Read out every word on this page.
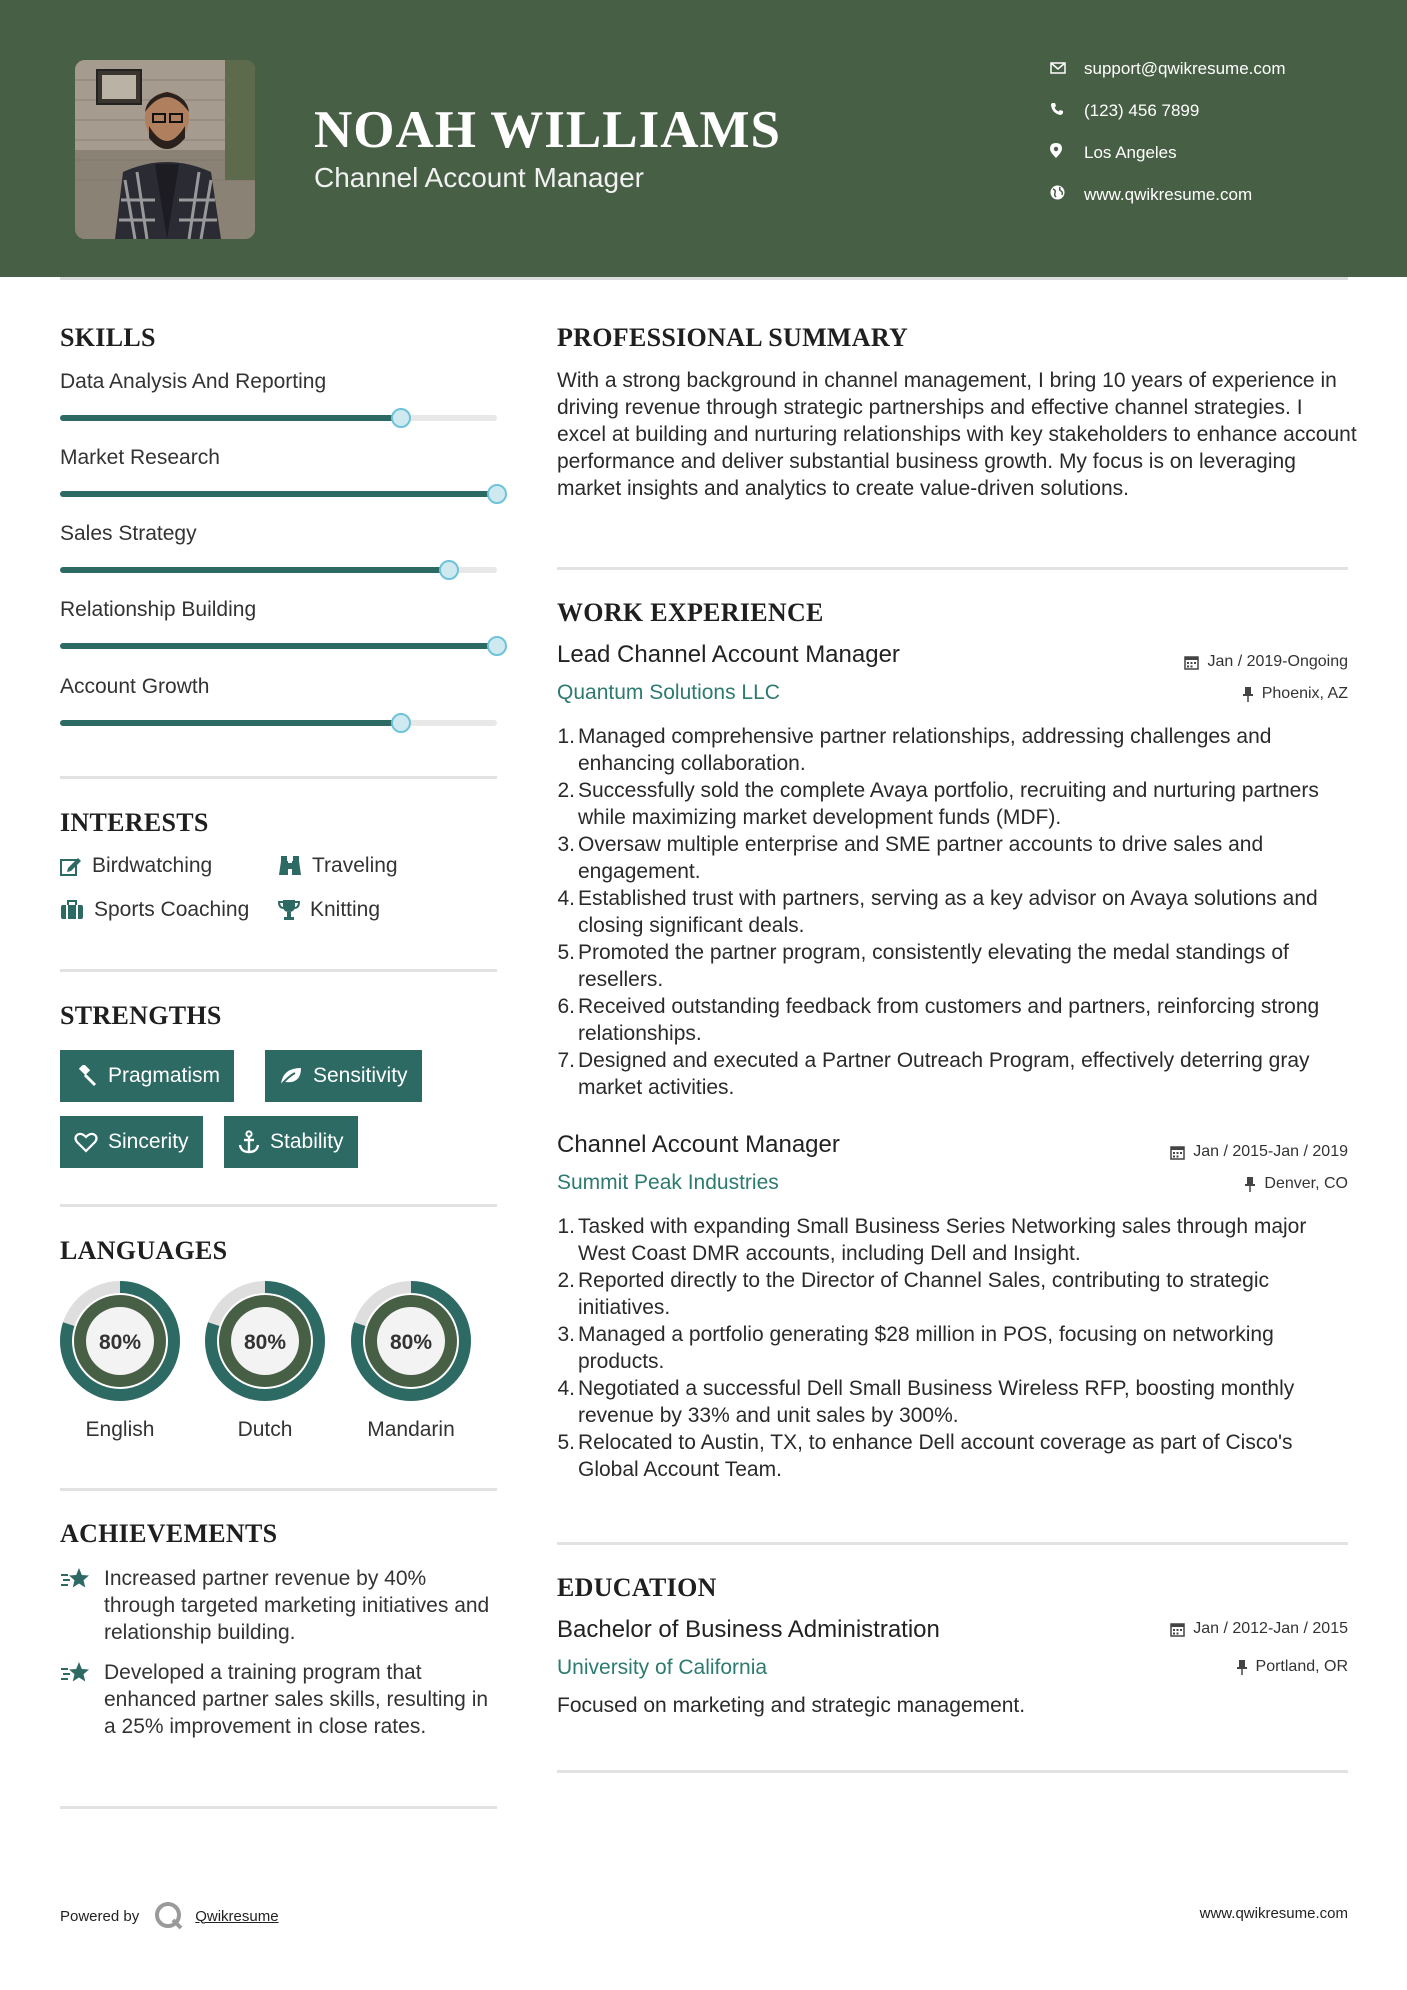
NOAH WILLIAMS
Channel Account Manager
support@qwikresume.com
(123) 456 7899
Los Angeles
www.qwikresume.com
SKILLS
Data Analysis And Reporting
Market Research
Sales Strategy
Relationship Building
Account Growth
INTERESTS
Birdwatching	Traveling
Sports Coaching	Knitting
STRENGTHS
Pragmatism	Sensitivity
Sincerity	Stability
LANGUAGES
80%
English
80%
Dutch
80%
Mandarin
ACHIEVEMENTS
Increased partner revenue by 40% through targeted marketing initiatives and relationship building.
Developed a training program that enhanced partner sales skills, resulting in a 25% improvement in close rates.
PROFESSIONAL SUMMARY
With a strong background in channel management, I bring 10 years of experience in driving revenue through strategic partnerships and effective channel strategies. I excel at building and nurturing relationships with key stakeholders to enhance account performance and deliver substantial business growth. My focus is on leveraging market insights and analytics to create value-driven solutions.
WORK EXPERIENCE
Lead Channel Account Manager	Jan / 2019-Ongoing
Quantum Solutions LLC	Phoenix, AZ
1. Managed comprehensive partner relationships, addressing challenges and enhancing collaboration.
2. Successfully sold the complete Avaya portfolio, recruiting and nurturing partners while maximizing market development funds (MDF).
3. Oversaw multiple enterprise and SME partner accounts to drive sales and engagement.
4. Established trust with partners, serving as a key advisor on Avaya solutions and closing significant deals.
5. Promoted the partner program, consistently elevating the medal standings of resellers.
6. Received outstanding feedback from customers and partners, reinforcing strong relationships.
7. Designed and executed a Partner Outreach Program, effectively deterring gray market activities.
Channel Account Manager	Jan / 2015-Jan / 2019
Summit Peak Industries	Denver, CO
1. Tasked with expanding Small Business Series Networking sales through major West Coast DMR accounts, including Dell and Insight.
2. Reported directly to the Director of Channel Sales, contributing to strategic initiatives.
3. Managed a portfolio generating $28 million in POS, focusing on networking products.
4. Negotiated a successful Dell Small Business Wireless RFP, boosting monthly revenue by 33% and unit sales by 300%.
5. Relocated to Austin, TX, to enhance Dell account coverage as part of Cisco's Global Account Team.
EDUCATION
Bachelor of Business Administration	Jan / 2012-Jan / 2015
University of California	Portland, OR
Focused on marketing and strategic management.
Powered by	Qwikresume	www.qwikresume.com
